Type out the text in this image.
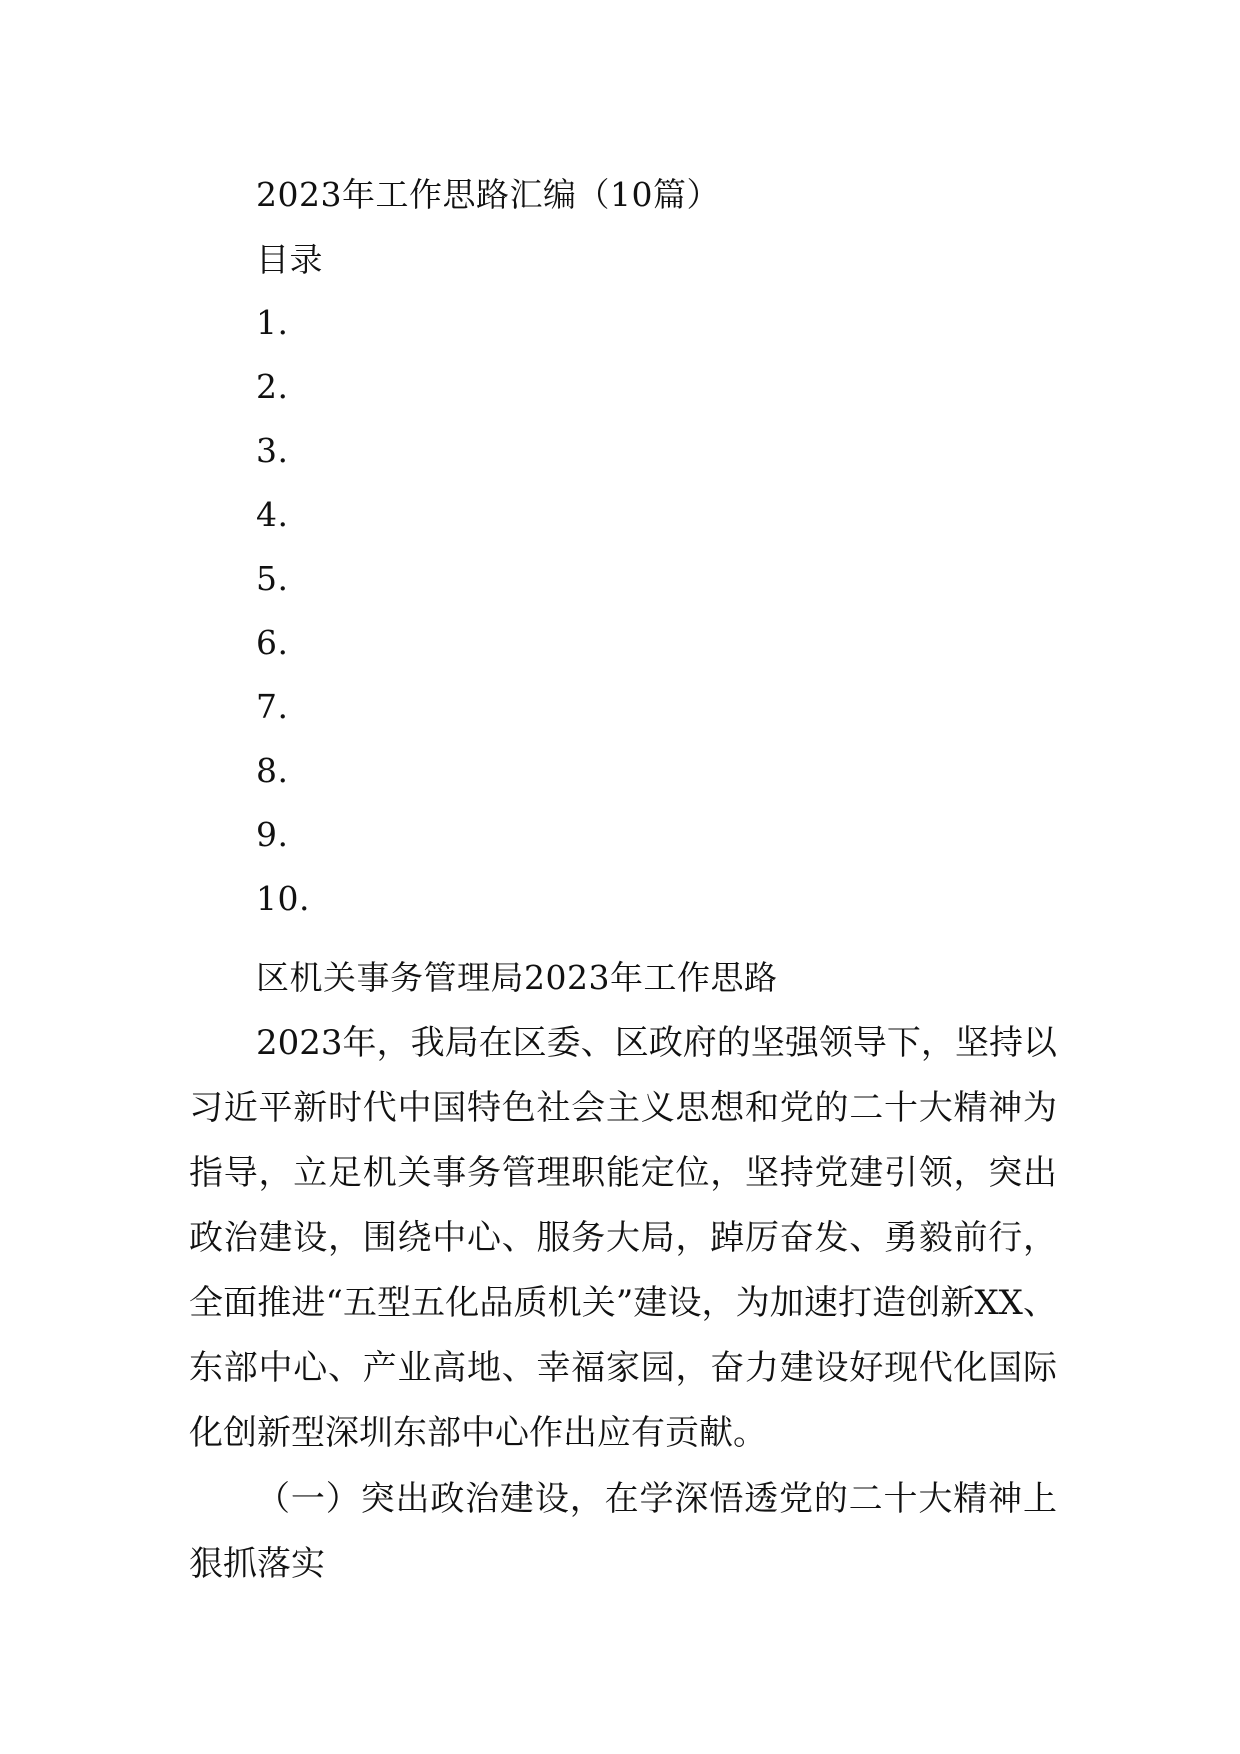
2023年工作思路汇编（10篇）
目录
1.
2.
3.
4.
5.
6.
7.
8.
9.
10.
区机关事务管理局2023年工作思路

2023年，我局在区委、区政府的坚强领导下，坚持以习近平新时代中国特色社会主义思想和党的二十大精神为指导，立足机关事务管理职能定位，坚持党建引领，突出政治建设，围绕中心、服务大局，踔厉奋发、勇毅前行，全面推进“五型五化品质机关”建设，为加速打造创新XX、东部中心、产业高地、幸福家园，奋力建设好现代化国际化创新型深圳东部中心作出应有贡献。

（一）突出政治建设，在学深悟透党的二十大精神上狠抓落实
